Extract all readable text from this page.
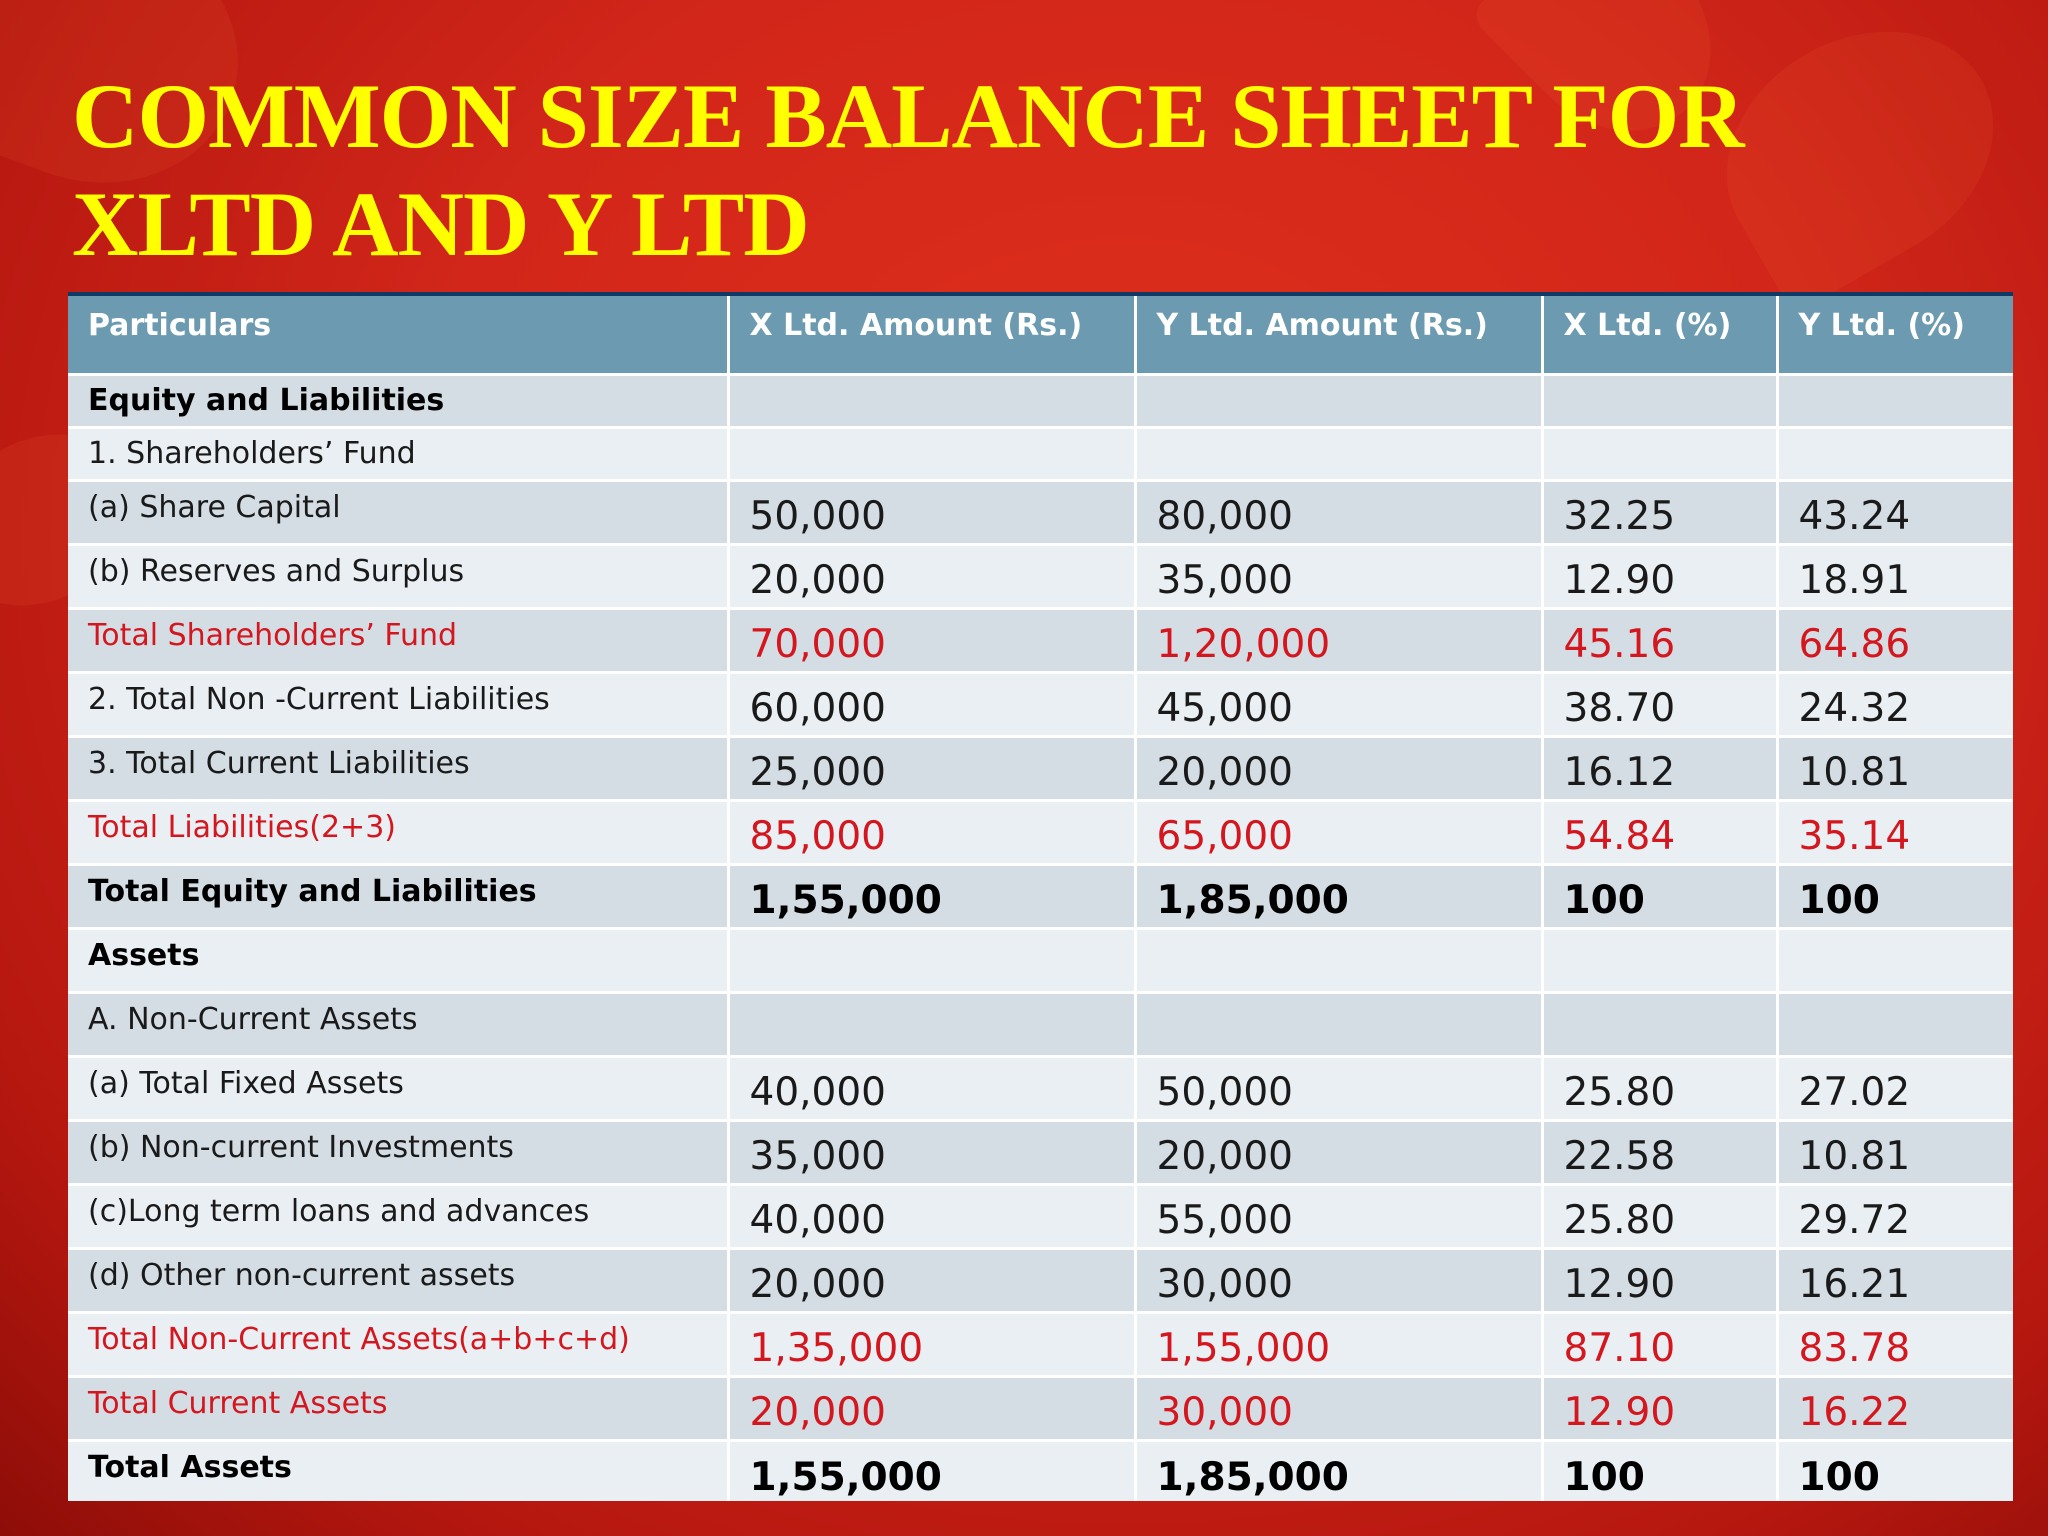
COMMON SIZE BALANCE SHEET FOR
XLTD AND Y LTD
Particulars	X Ltd. Amount (Rs.)	Y Ltd. Amount (Rs.)	X Ltd. (%)	Y Ltd. (%)
Equity and Liabilities				
1. Shareholders’ Fund				
(a) Share Capital	50,000	80,000	32.25	43.24
(b) Reserves and Surplus	20,000	35,000	12.90	18.91
Total Shareholders’ Fund	70,000	1,20,000	45.16	64.86
2. Total Non -Current Liabilities	60,000	45,000	38.70	24.32
3. Total Current Liabilities	25,000	20,000	16.12	10.81
Total Liabilities(2+3)	85,000	65,000	54.84	35.14
Total Equity and Liabilities	1,55,000	1,85,000	100	100
Assets				
A. Non-Current Assets				
(a) Total Fixed Assets	40,000	50,000	25.80	27.02
(b) Non-current Investments	35,000	20,000	22.58	10.81
(c)Long term loans and advances	40,000	55,000	25.80	29.72
(d) Other non-current assets	20,000	30,000	12.90	16.21
Total Non-Current Assets(a+b+c+d)	1,35,000	1,55,000	87.10	83.78
Total Current Assets	20,000	30,000	12.90	16.22
Total Assets	1,55,000	1,85,000	100	100
